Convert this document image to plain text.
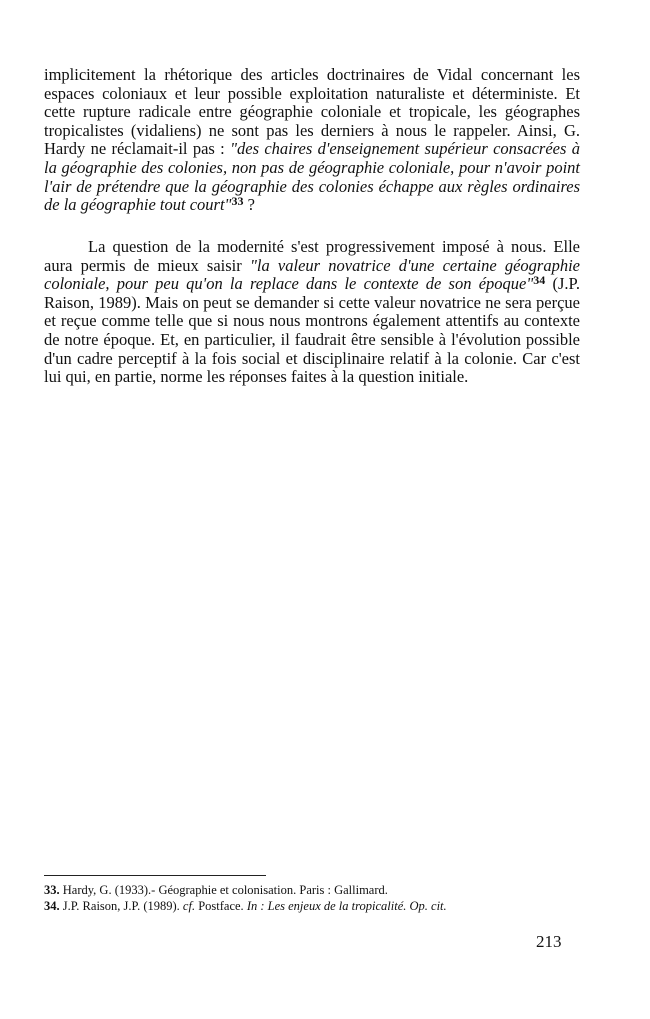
implicitement la rhétorique des articles doctrinaires de Vidal concernant les espaces coloniaux et leur possible exploitation naturaliste et déterministe. Et cette rupture radicale entre géographie coloniale et tropicale, les géographes tropicalistes (vidaliens) ne sont pas les derniers à nous le rappeler. Ainsi, G. Hardy ne réclamait-il pas : "des chaires d'enseignement supérieur consacrées à la géographie des colonies, non pas de géographie coloniale, pour n'avoir point l'air de prétendre que la géographie des colonies échappe aux règles ordinaires de la géographie tout court"$^{33}$ ?

La question de la modernité s'est progressivement imposé à nous. Elle aura permis de mieux saisir "la valeur novatrice d'une certaine géographie coloniale, pour peu qu'on la replace dans le contexte de son époque"$^{34}$ (J.P. Raison, 1989). Mais on peut se demander si cette valeur novatrice ne sera perçue et reçue comme telle que si nous nous montrons également attentifs au contexte de notre époque. Et, en particulier, il faudrait être sensible à l'évolution possible d'un cadre perceptif à la fois social et disciplinaire relatif à la colonie. Car c'est lui qui, en partie, norme les réponses faites à la question initiale.

33. Hardy, G. (1933).- Géographie et colonisation. Paris : Gallimard.

34. J.P. Raison, J.P. (1989). cf. Postface. In : Les enjeux de la tropicalité. Op. cit.

213
